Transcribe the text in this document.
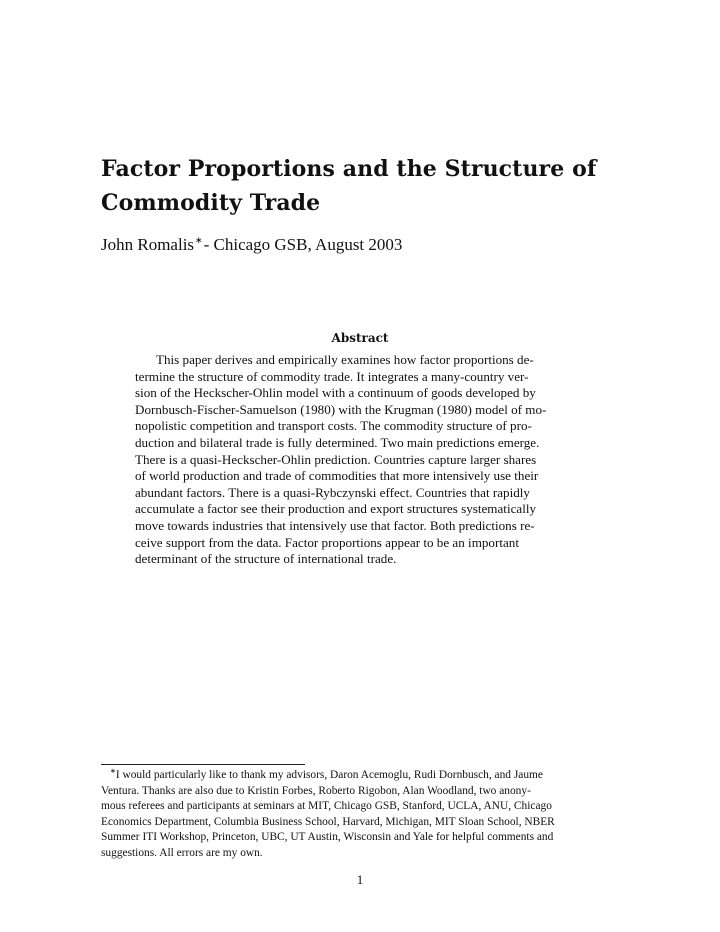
Factor Proportions and the Structure of
Commodity Trade
John Romalis∗- Chicago GSB, August 2003
Abstract
This paper derives and empirically examines how factor proportions de-
termine the structure of commodity trade. It integrates a many-country ver-
sion of the Heckscher-Ohlin model with a continuum of goods developed by
Dornbusch-Fischer-Samuelson (1980) with the Krugman (1980) model of mo-
nopolistic competition and transport costs. The commodity structure of pro-
duction and bilateral trade is fully determined. Two main predictions emerge.
There is a quasi-Heckscher-Ohlin prediction. Countries capture larger shares
of world production and trade of commodities that more intensively use their
abundant factors. There is a quasi-Rybczynski effect. Countries that rapidly
accumulate a factor see their production and export structures systematically
move towards industries that intensively use that factor. Both predictions re-
ceive support from the data. Factor proportions appear to be an important
determinant of the structure of international trade.
∗I would particularly like to thank my advisors, Daron Acemoglu, Rudi Dornbusch, and Jaume
Ventura. Thanks are also due to Kristin Forbes, Roberto Rigobon, Alan Woodland, two anony-
mous referees and participants at seminars at MIT, Chicago GSB, Stanford, UCLA, ANU, Chicago
Economics Department, Columbia Business School, Harvard, Michigan, MIT Sloan School, NBER
Summer ITI Workshop, Princeton, UBC, UT Austin, Wisconsin and Yale for helpful comments and
suggestions. All errors are my own.
1
